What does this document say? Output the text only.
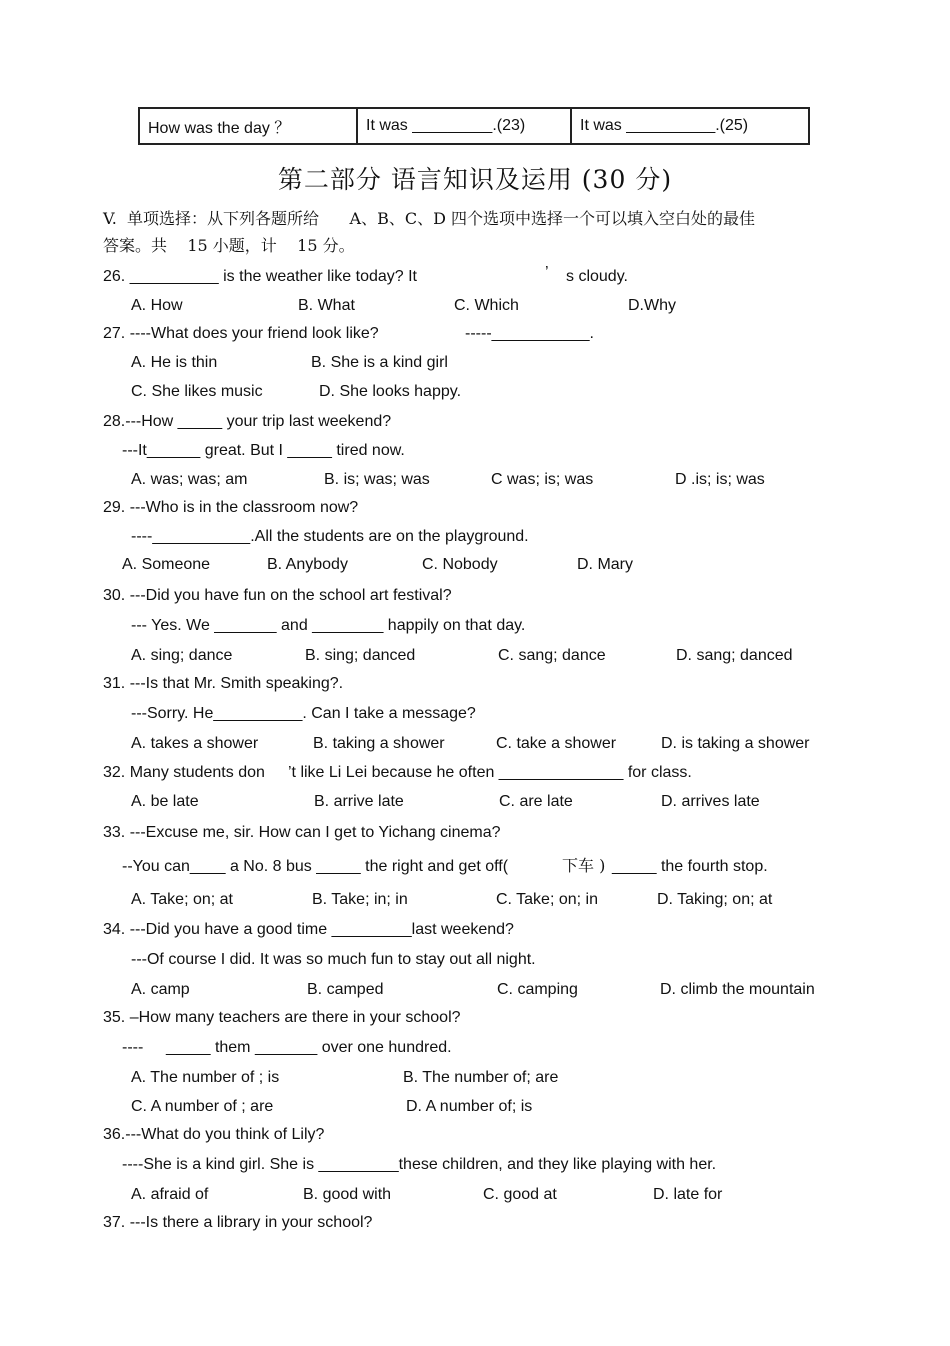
How was the day ？	It was _________.(23)	It was __________.(25)
第二部分 语言知识及运用 (30 分)
V.  单项选择：从下列各题所给      A、B、C、D 四个选项中选择一个可以填入空白处的最佳
答案。共    15 小题，计    15 分。
26. __________ is the weather like today? It	’ s cloudy.
A. How	B. What	C. Which	D.Why
27. ----What does your friend look like?	-----___________.
A. He is thin	B. She is a kind girl
C. She likes music	D. She looks happy.
28.---How _____ your trip last weekend?
---It______ great. But I _____ tired now.
A. was; was; am	B. is; was; was	C was; is; was	D .is; is; was
29. ---Who is in the classroom now?
----___________.All the students are on the playground.
A. Someone	B. Anybody	C. Nobody	D. Mary
30. ---Did you have fun on the school art festival?
--- Yes. We _______ and ________ happily on that day.
A. sing; dance	B. sing; danced	C. sang; dance	D. sang; danced
31. ---Is that Mr. Smith speaking?.
---Sorry. He__________. Can I take a message?
A. takes a shower	B. taking a shower	C. take a shower	D. is taking a shower
32. Many students don ’t like Li Lei because he often ______________ for class.
A. be late	B. arrive late	C. are late	D. arrives late
33. ---Excuse me, sir. How can I get to Yichang cinema?
--You can____ a No. 8 bus _____ the right and get off(	下车 ) _____ the fourth stop.
A. Take; on; at	B. Take; in; in	C. Take; on; in	D. Taking; on; at
34. ---Did you have a good time _________last weekend?
---Of course I did. It was so much fun to stay out all night.
A. camp	B. camped	C. camping	D. climb the mountain
35. –How many teachers are there in your school?
---- _____ them _______ over one hundred.
A. The number of ; is	B. The number of; are
C. A number of ; are	D. A number of; is
36.---What do you think of Lily?
----She is a kind girl. She is _________these children, and they like playing with her.
A. afraid of	B. good with	C. good at	D. late for
37. ---Is there a library in your school?
